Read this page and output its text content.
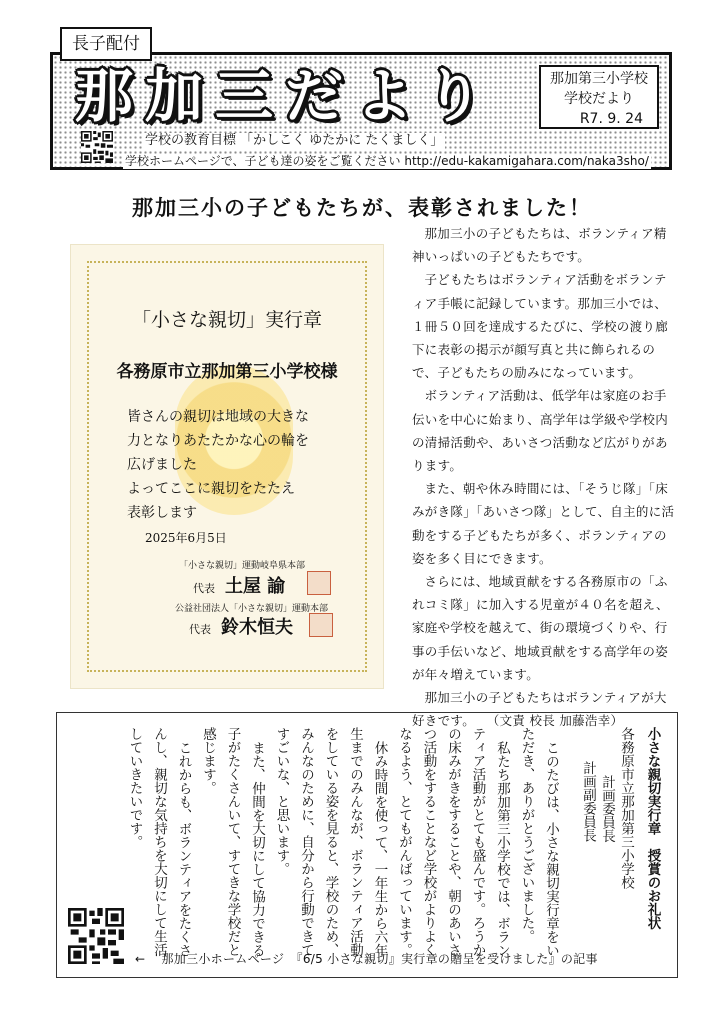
長子配付
那加三だより	那加第三小学校
学校だより
R7. 9. 24
学校の教育目標 「かしこく ゆたかに たくましく」
学校ホームページで、子ども達の姿をご覧ください http://edu-kakamigahara.com/naka3sho/
那加三小の子どもたちが、表彰されました！
「小さな親切」実行章
各務原市立那加第三小学校様
皆さんの親切は地域の大きな
力となりあたたかな心の輪を
広げました
よってここに親切をたたえ
表彰します
2025年6月5日
「小さな親切」運動岐阜県本部
代表 土屋 諭
公益社団法人「小さな親切」運動本部
代表 鈴木恒夫

那加三小の子どもたちは、ボランティア精神いっぱいの子どもたちです。

子どもたちはボランティア活動をボランティア手帳に記録しています。那加三小では、１冊５０回を達成するたびに、学校の渡り廊下に表彰の掲示が顔写真と共に飾られるので、子どもたちの励みになっています。

ボランティア活動は、低学年は家庭のお手伝いを中心に始まり、高学年は学級や学校内の清掃活動や、あいさつ活動など広がりがあります。

また、朝や休み時間には、「そうじ隊」「床みがき隊」「あいさつ隊」として、自主的に活動をする子どもたちが多く、ボランティアの姿を多く目にできます。

さらには、地域貢献をする各務原市の「ふれコミ隊」に加入する児童が４０名を超え、家庭や学校を越えて、街の環境づくりや、行事の手伝いなど、地域貢献をする高学年の姿が年々増えています。

那加三小の子どもたちはボランティアが大好きです。 （文責 校長 加藤浩幸）

小さな親切実行章　授賞のお礼状
各務原市立那加第三小学校
計画委員長
計画副委員長

このたびは、小さな親切実行章をいただき、ありがとうございました。

私たち那加第三小学校では、ボランティア活動がとても盛んです。ろうかの床みがきをすることや、朝のあいさつ活動をすることなど学校がよりよくなるよう、とてもがんばっています。

休み時間を使って、一年生から六年生までのみんなが、ボランティア活動をしている姿を見ると、学校のため、みんなのために、自分から行動できてすごいな、と思います。

また、仲間を大切にして協力できる子がたくさんいて、すてきな学校だと感じます。

これからも、ボランティアをたくさんし、親切な気持ちを大切にして生活していきたいです。

← 那加三小ホームページ　『6/5 小さな親切』実行章の贈呈を受けました』の記事
